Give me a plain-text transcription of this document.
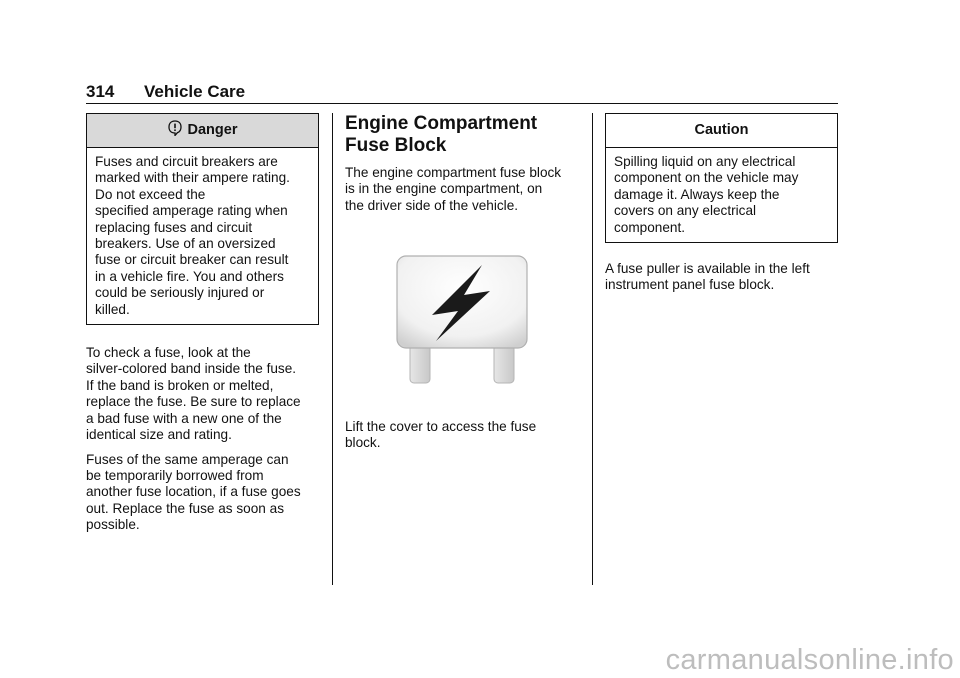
314 Vehicle Care
Danger
Fuses and circuit breakers are
marked with their ampere rating.
Do not exceed the
specified amperage rating when
replacing fuses and circuit
breakers. Use of an oversized
fuse or circuit breaker can result
in a vehicle fire. You and others
could be seriously injured or
killed.

To check a fuse, look at the
silver-colored band inside the fuse.
If the band is broken or melted,
replace the fuse. Be sure to replace
a bad fuse with a new one of the
identical size and rating.

Fuses of the same amperage can
be temporarily borrowed from
another fuse location, if a fuse goes
out. Replace the fuse as soon as
possible.

Engine Compartment
Fuse Block

The engine compartment fuse block
is in the engine compartment, on
the driver side of the vehicle.

Lift the cover to access the fuse
block.
Caution
Spilling liquid on any electrical
component on the vehicle may
damage it. Always keep the
covers on any electrical
component.

A fuse puller is available in the left
instrument panel fuse block.

carmanualsonline.info
